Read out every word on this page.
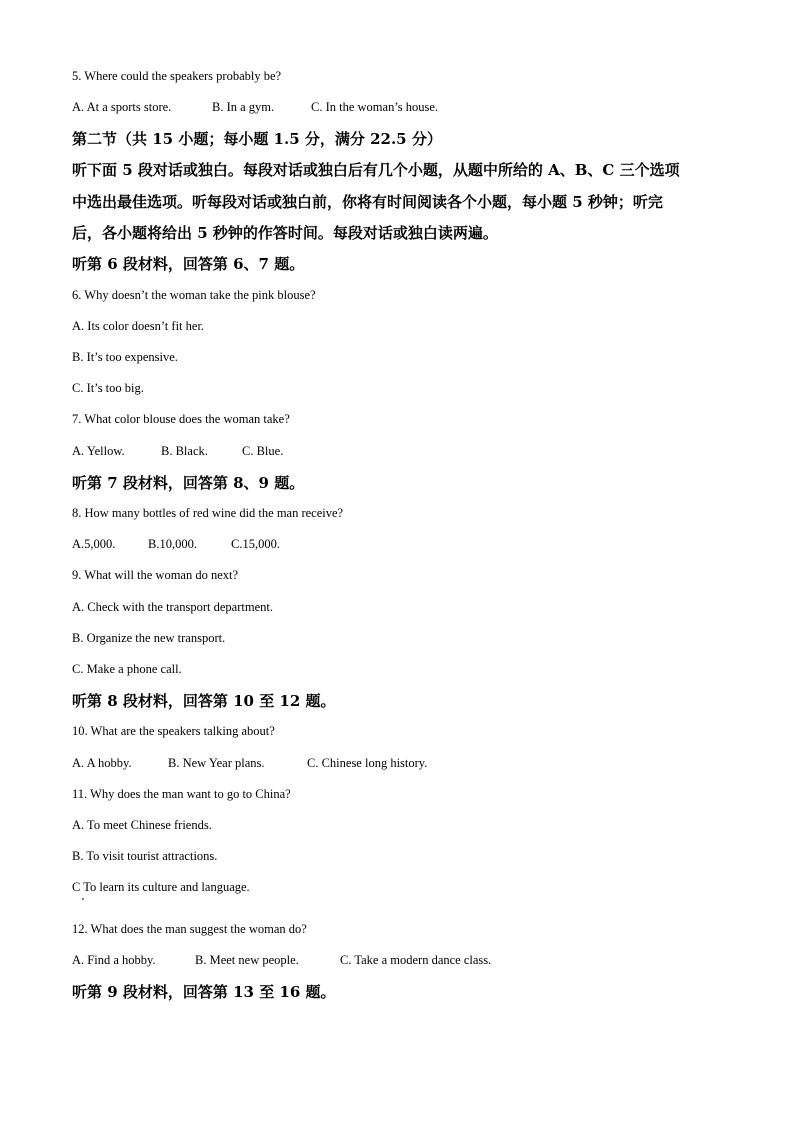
5. Where could the speakers probably be?
A. At a sports store.	B. In a gym.	C. In the woman’s house.
第二节（共 15 小题；每小题 1.5 分，满分 22.5 分）
听下面 5 段对话或独白。每段对话或独白后有几个小题，从题中所给的 A、B、C 三个选项
中选出最佳选项。听每段对话或独白前，你将有时间阅读各个小题，每小题 5 秒钟；听完
后，各小题将给出 5 秒钟的作答时间。每段对话或独白读两遍。
听第 6 段材料，回答第 6、7 题。
6. Why doesn’t the woman take the pink blouse?
A. Its color doesn’t fit her.
B. It’s too expensive.
C. It’s too big.
7. What color blouse does the woman take?
A. Yellow.	B. Black.	C. Blue.
听第 7 段材料，回答第 8、9 题。
8. How many bottles of red wine did the man receive?
A.5,000.	B.10,000.	C.15,000.
9. What will the woman do next?
A. Check with the transport department.
B. Organize the new transport.
C. Make a phone call.
听第 8 段材料，回答第 10 至 12 题。
10. What are the speakers talking about?
A. A hobby.	B. New Year plans.	C. Chinese long history.
11. Why does the man want to go to China?
A. To meet Chinese friends.
B. To visit tourist attractions.
C To learn its culture and language.
12. What does the man suggest the woman do?
A. Find a hobby.	B. Meet new people.	C. Take a modern dance class.
听第 9 段材料，回答第 13 至 16 题。
